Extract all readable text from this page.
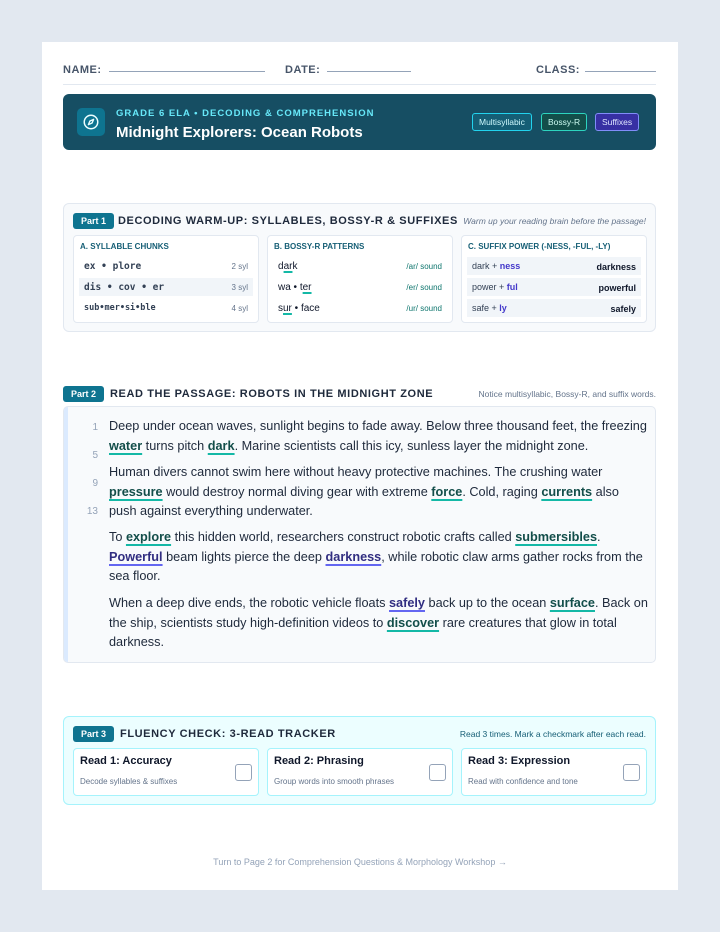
NAME:	DATE:	CLASS:
GRADE 6 ELA • DECODING & COMPREHENSION
Midnight Explorers: Ocean Robots
Multisyllabic	Bossy-R	Suffixes
Part 1	DECODING WARM-UP: SYLLABLES, BOSSY-R & SUFFIXES Warm up your reading brain before the passage!
A. SYLLABLE CHUNKS
ex • plore	2 syl
dis • cov • er	3 syl
sub•mer•si•ble	4 syl
B. BOSSY-R PATTERNS
dark	/ar/ sound
wa • ter	/er/ sound
sur • face	/ur/ sound
C. SUFFIX POWER (-NESS, -FUL, -LY)
dark + ness	darkness
power + ful	powerful
safe + ly	safely
Part 2	READ THE PASSAGE: ROBOTS IN THE MIDNIGHT ZONE	Notice multisyllabic, Bossy-R, and suffix words.
1
5
9
13

Deep under ocean waves, sunlight begins to fade away. Below three thousand feet, the freezing water turns pitch dark. Marine scientists call this icy, sunless layer the midnight zone.

Human divers cannot swim here without heavy protective machines. The crushing water pressure would destroy normal diving gear with extreme force. Cold, raging currents also push against everything underwater.

To explore this hidden world, researchers construct robotic crafts called submersibles. Powerful beam lights pierce the deep darkness, while robotic claw arms gather rocks from the sea floor.

When a deep dive ends, the robotic vehicle floats safely back up to the ocean surface. Back on the ship, scientists study high-definition videos to discover rare creatures that glow in total darkness.

Part 3	FLUENCY CHECK: 3-READ TRACKER	Read 3 times. Mark a checkmark after each read.
Read 1: Accuracy
Decode syllables & suffixes
Read 2: Phrasing
Group words into smooth phrases
Read 3: Expression
Read with confidence and tone
Turn to Page 2 for Comprehension Questions & Morphology Workshop →
